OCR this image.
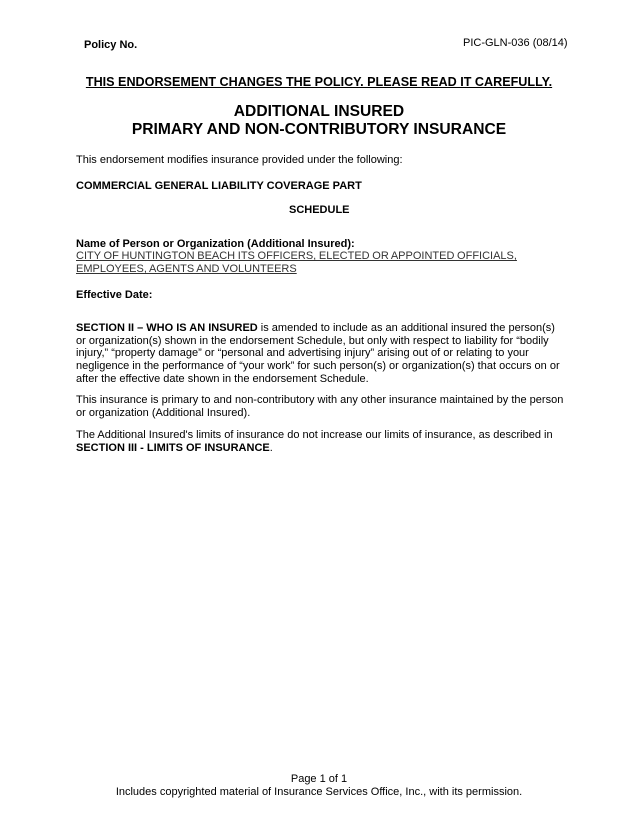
Policy No.	PIC-GLN-036 (08/14)
THIS ENDORSEMENT CHANGES THE POLICY. PLEASE READ IT CAREFULLY.
ADDITIONAL INSURED
PRIMARY AND NON-CONTRIBUTORY INSURANCE
This endorsement modifies insurance provided under the following:
COMMERCIAL GENERAL LIABILITY COVERAGE PART
SCHEDULE
Name of Person or Organization (Additional Insured):
CITY OF HUNTINGTON BEACH ITS OFFICERS, ELECTED OR APPOINTED OFFICIALS, EMPLOYEES, AGENTS AND VOLUNTEERS
Effective Date:

SECTION II – WHO IS AN INSURED is amended to include as an additional insured the person(s) or organization(s) shown in the endorsement Schedule, but only with respect to liability for “bodily injury,” “property damage” or “personal and advertising injury” arising out of or relating to your negligence in the performance of “your work” for such person(s) or organization(s) that occurs on or after the effective date shown in the endorsement Schedule.

This insurance is primary to and non-contributory with any other insurance maintained by the person or organization (Additional Insured).

The Additional Insured's limits of insurance do not increase our limits of insurance, as described in SECTION III - LIMITS OF INSURANCE.

Page 1 of 1
Includes copyrighted material of Insurance Services Office, Inc., with its permission.
